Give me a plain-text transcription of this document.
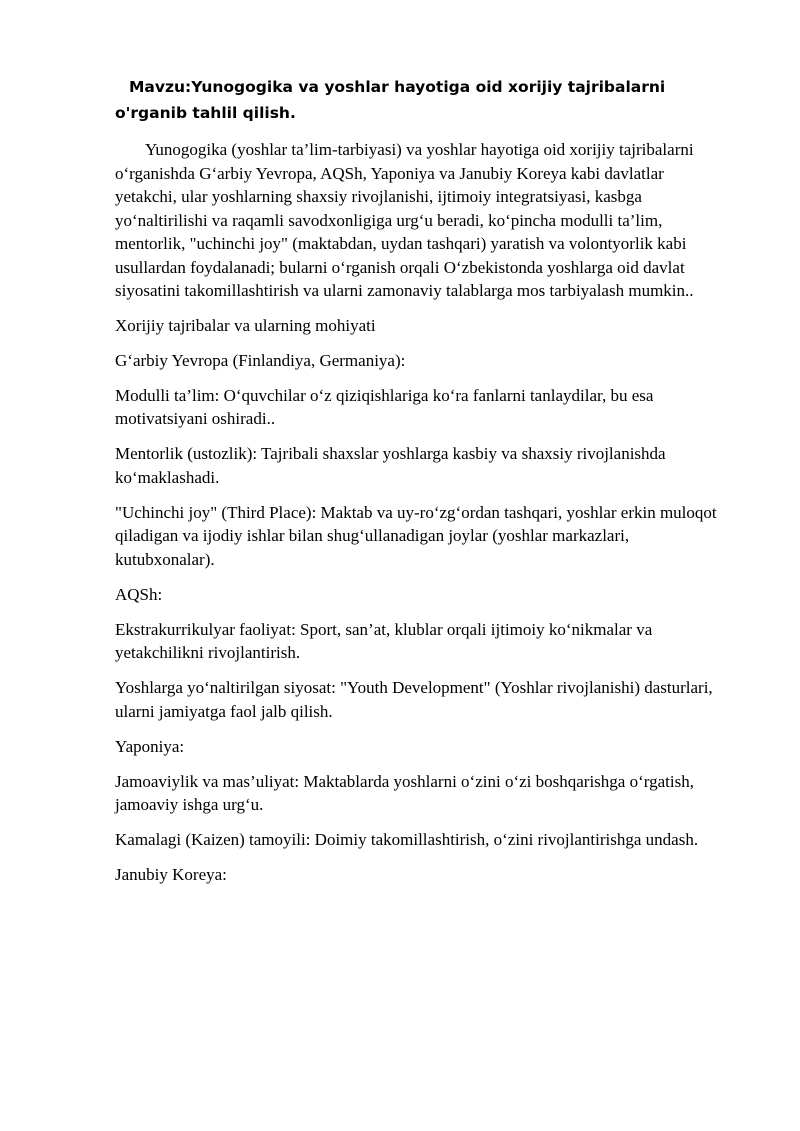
Mavzu:Yunogogika va yoshlar hayotiga oid xorijiy tajribalarni o'rganib tahlil qilish.

Yunogogika (yoshlar ta’lim-tarbiyasi) va yoshlar hayotiga oid xorijiy tajribalarni o‘rganishda G‘arbiy Yevropa, AQSh, Yaponiya va Janubiy Koreya kabi davlatlar yetakchi, ular yoshlarning shaxsiy rivojlanishi, ijtimoiy integratsiyasi, kasbga yo‘naltirilishi va raqamli savodxonligiga urg‘u beradi, ko‘pincha modulli ta’lim, mentorlik, "uchinchi joy" (maktabdan, uydan tashqari) yaratish va volontyorlik kabi usullardan foydalanadi; bularni o‘rganish orqali O‘zbekistonda yoshlarga oid davlat siyosatini takomillashtirish va ularni zamonaviy talablarga mos tarbiyalash mumkin..

Xorijiy tajribalar va ularning mohiyati

G‘arbiy Yevropa (Finlandiya, Germaniya):

Modulli ta’lim: O‘quvchilar o‘z qiziqishlariga ko‘ra fanlarni tanlaydilar, bu esa motivatsiyani oshiradi..

Mentorlik (ustozlik): Tajribali shaxslar yoshlarga kasbiy va shaxsiy rivojlanishda ko‘maklashadi.

"Uchinchi joy" (Third Place): Maktab va uy-ro‘zg‘ordan tashqari, yoshlar erkin muloqot qiladigan va ijodiy ishlar bilan shug‘ullanadigan joylar (yoshlar markazlari, kutubxonalar).

AQSh:

Ekstrakurrikulyar faoliyat: Sport, san’at, klublar orqali ijtimoiy ko‘nikmalar va yetakchilikni rivojlantirish.

Yoshlarga yo‘naltirilgan siyosat: "Youth Development" (Yoshlar rivojlanishi) dasturlari, ularni jamiyatga faol jalb qilish.

Yaponiya:

Jamoaviylik va mas’uliyat: Maktablarda yoshlarni o‘zini o‘zi boshqarishga o‘rgatish, jamoaviy ishga urg‘u.

Kamalagi (Kaizen) tamoyili: Doimiy takomillashtirish, o‘zini rivojlantirishga undash.

Janubiy Koreya:
